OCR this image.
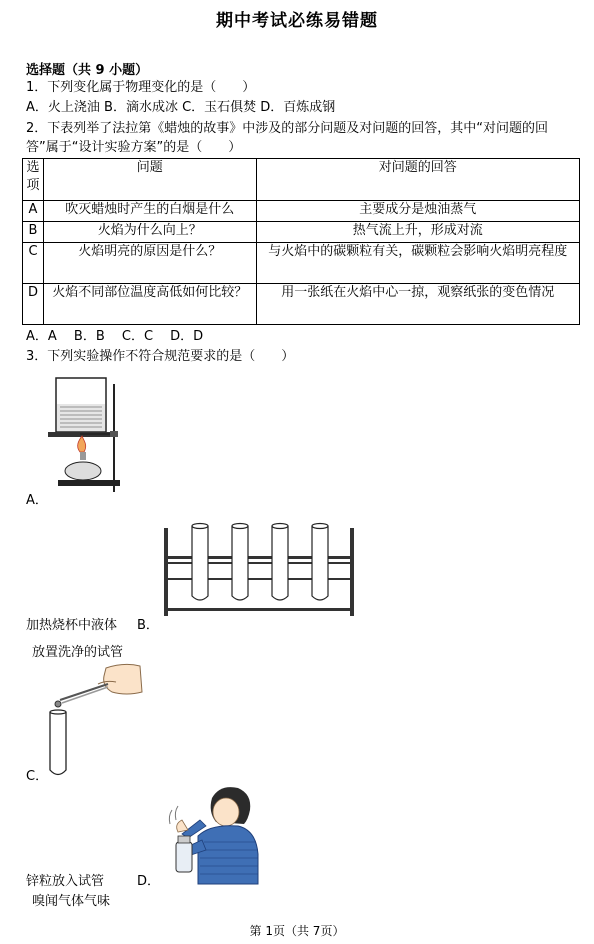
期中考试必练易错题
选择题（共 9 小题）
1．下列变化属于物理变化的是（　　）
A．火上浇油 B．滴水成冰 C．玉石俱焚 D．百炼成钢
2．下表列举了法拉第《蜡烛的故事》中涉及的部分问题及对问题的回答，其中“对问题的回
答”属于“设计实验方案”的是（　　）
选项	问题	对问题的回答
A	吹灭蜡烛时产生的白烟是什么	主要成分是烛油蒸气
B	火焰为什么向上？	热气流上升，形成对流
C	火焰明亮的原因是什么？	与火焰中的碳颗粒有关，碳颗粒会影响火焰明亮程度
D	火焰不同部位温度高低如何比较？	用一张纸在火焰中心一掠，观察纸张的变色情况
A．A　 B．B　 C．C　 D．D
3．下列实验操作不符合规范要求的是（　　）
A．
加热烧杯中液体 B．
放置洗净的试管
C．
锌粒放入试管	D．
嗅闻气体气味
第 1页（共 7页）
